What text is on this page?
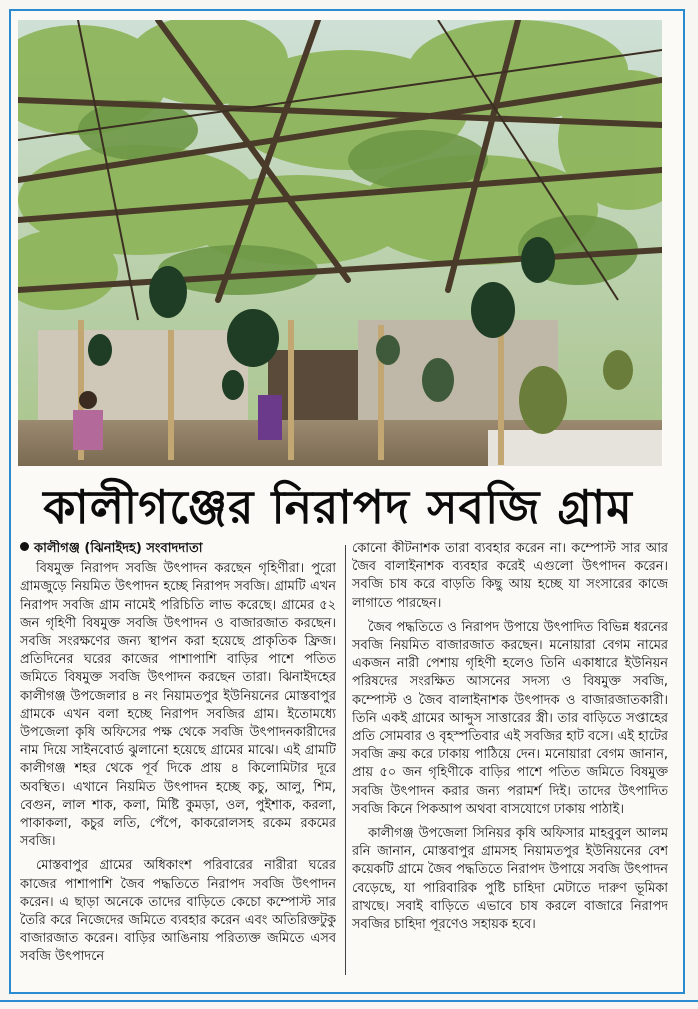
কালীগঞ্জের নিরাপদ সবজি গ্রাম
কালীগঞ্জ (ঝিনাইদহ) সংবাদদাতা

বিষমুক্ত নিরাপদ সবজি উৎপাদন করছেন গৃহিণীরা। পুরো গ্রামজুড়ে নিয়মিত উৎপাদন হচ্ছে নিরাপদ সবজি। গ্রামটি এখন নিরাপদ সবজি গ্রাম নামেই পরিচিতি লাভ করেছে। গ্রামের ৫২ জন গৃহিণী বিষমুক্ত সবজি উৎপাদন ও বাজারজাত করছেন। সবজি সংরক্ষণের জন্য স্থাপন করা হয়েছে প্রাকৃতিক ফ্রিজ। প্রতিদিনের ঘরের কাজের পাশাপাশি বাড়ির পাশে পতিত জমিতে বিষমুক্ত সবজি উৎপাদন করছেন তারা। ঝিনাইদহের কালীগঞ্জ উপজেলার ৪ নং নিয়ামতপুর ইউনিয়নের মোস্তবাপুর গ্রামকে এখন বলা হচ্ছে নিরাপদ সবজির গ্রাম। ইতোমধ্যে উপজেলা কৃষি অফিসের পক্ষ থেকে সবজি উৎপাদনকারীদের নাম দিয়ে সাইনবোর্ড ঝুলানো হয়েছে গ্রামের মাঝে। এই গ্রামটি কালীগঞ্জ শহর থেকে পূর্ব দিকে প্রায় ৪ কিলোমিটার দূরে অবস্থিত। এখানে নিয়মিত উৎপাদন হচ্ছে কচু, আলু, শিম, বেগুন, লাল শাক, কলা, মিষ্টি কুমড়া, ওল, পুইশাক, করলা, পাকাকলা, কচুর লতি, পেঁপে, কাকরোলসহ রকেম রকমের সবজি।

মোস্তবাপুর গ্রামের অধিকাংশ পরিবারের নারীরা ঘরের কাজের পাশাপাশি জৈব পদ্ধতিতে নিরাপদ সবজি উৎপাদন করেন। এ ছাড়া অনেকে তাদের বাড়িতে কেচো কম্পোস্ট সার তৈরি করে নিজেদের জমিতে ব্যবহার করেন এবং অতিরিক্তটুকু বাজারজাত করেন। বাড়ির আঙিনায় পরিত্যক্ত জমিতে এসব সবজি উৎপাদনে

কোনো কীটনাশক তারা ব্যবহার করেন না। কম্পোস্ট সার আর জৈব বালাইনাশক ব্যবহার করেই এগুলো উৎপাদন করেন। সবজি চাষ করে বাড়তি কিছু আয় হচ্ছে যা সংসারের কাজে লাগাতে পারছেন।

জৈব পদ্ধতিতে ও নিরাপদ উপায়ে উৎপাদিত বিভিন্ন ধরনের সবজি নিয়মিত বাজারজাত করছেন। মনোয়ারা বেগম নামের একজন নারী পেশায় গৃহিণী হলেও তিনি একাধারে ইউনিয়ন পরিষদের সংরক্ষিত আসনের সদস্য ও বিষমুক্ত সবজি, কম্পোস্ট ও জৈব বালাইনাশক উৎপাদক ও বাজারজাতকারী। তিনি একই গ্রামের আব্দুস সাত্তারের স্ত্রী। তার বাড়িতে সপ্তাহের প্রতি সোমবার ও বৃহস্পতিবার এই সবজির হাট বসে। এই হাটের সবজি ক্রয় করে ঢাকায় পাঠিয়ে দেন। মনোয়ারা বেগম জানান, প্রায় ৫০ জন গৃহিণীকে বাড়ির পাশে পতিত জমিতে বিষমুক্ত সবজি উৎপাদন করার জন্য পরামর্শ দিই। তাদের উৎপাদিত সবজি কিনে পিকআপ অথবা বাসযোগে ঢাকায় পাঠাই।

কালীগঞ্জ উপজেলা সিনিয়র কৃষি অফিসার মাহবুবুল আলম রনি জানান, মোস্তবাপুর গ্রামসহ নিয়ামতপুর ইউনিয়নের বেশ কয়েকটি গ্রামে জৈব পদ্ধতিতে নিরাপদ উপায়ে সবজি উৎপাদন বেড়েছে, যা পারিবারিক পুষ্টি চাহিদা মেটাতে দারুণ ভূমিকা রাখছে। সবাই বাড়িতে এভাবে চাষ করলে বাজারে নিরাপদ সবজির চাহিদা পূরণেও সহায়ক হবে।
